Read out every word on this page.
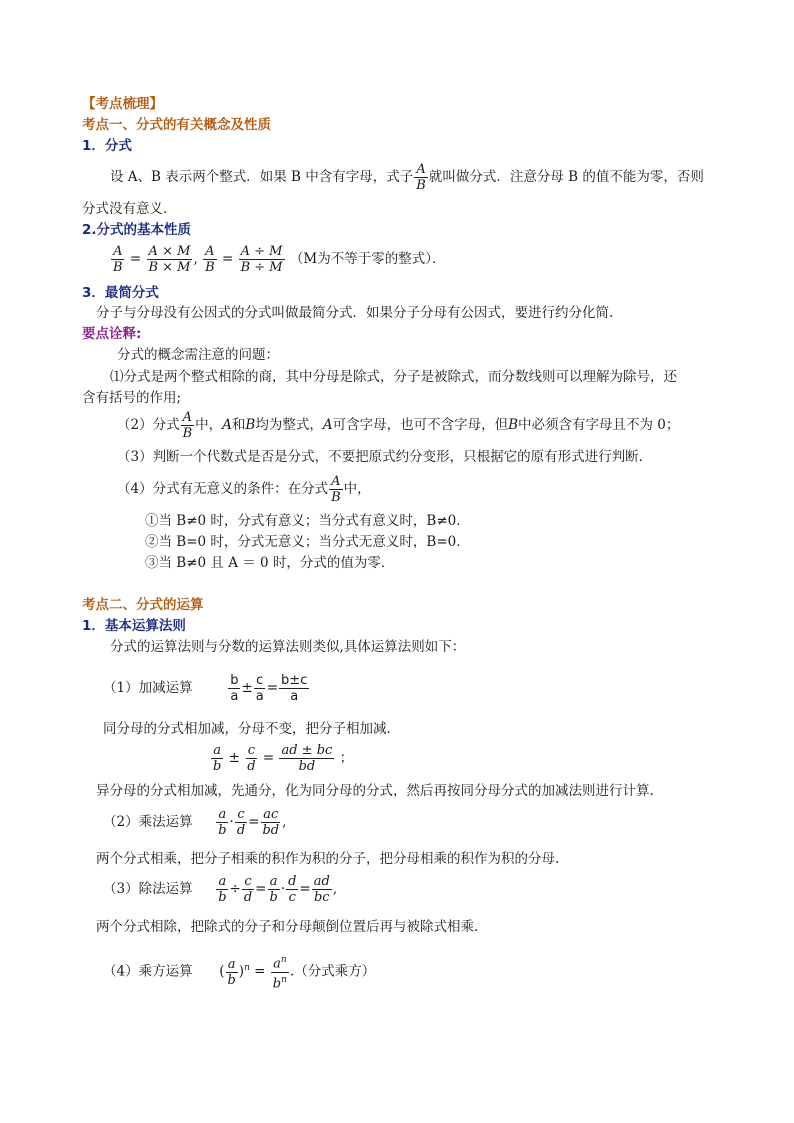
【考点梳理】
考点一、分式的有关概念及性质
1．分式
设 A、B 表示两个整式．如果 B 中含有字母，式子 $\frac{A}{B}$ 就叫做分式．注意分母 B 的值不能为零，否则
分式没有意义．
2.分式的基本性质
$\frac{A}{B} = \frac{A \times M}{B \times M}$ , $\frac{A}{B} = \frac{A \div M}{B \div M} (M$为不等于零的整式）．
3．最简分式
分子与分母没有公因式的分式叫做最简分式．如果分子分母有公因式，要进行约分化简.
要点诠释:
分式的概念需注意的问题：
⑴分式是两个整式相除的商，其中分母是除式，分子是被除式，而分数线则可以理解为除号，还
含有括号的作用;
（2）分式 $\frac{A}{B}$ 中，A和B均为整式，A可含字母，也可不含字母，但B中必须含有字母且不为 0；
（3）判断一个代数式是否是分式，不要把原式约分变形，只根据它的原有形式进行判断．
（4）分式有无意义的条件：在分式 $\frac{A}{B}$ 中，
①当 B≠0 时，分式有意义；当分式有意义时，B≠0．
②当 B=0 时，分式无意义；当分式无意义时，B=0．
③当 B≠0 且 A ＝ 0 时，分式的值为零．
考点二、分式的运算
1．基本运算法则
分式的运算法则与分数的运算法则类似,具体运算法则如下：
（1）加减运算	$\frac{b}{a} \pm \frac{c}{a} = \frac{b\pm c}{a}$
同分母的分式相加减，分母不变，把分子相加减.
$\frac{a}{b} \pm \frac{c}{d} = \frac{ad \pm bc}{bd}$ ；
异分母的分式相加减，先通分，化为同分母的分式，然后再按同分母分式的加减法则进行计算.
（2）乘法运算 $\frac{a}{b} \cdot \frac{c}{d} = \frac{ac}{bd}$ ,
两个分式相乘，把分子相乘的积作为积的分子，把分母相乘的积作为积的分母.
（3）除法运算 $\frac{a}{b} \div \frac{c}{d} = \frac{a}{b} \cdot \frac{d}{c} = \frac{ad}{bc}$ ,
两个分式相除，把除式的分子和分母颠倒位置后再与被除式相乘.
（4）乘方运算 ( $\frac{a}{b} )^n = \frac{a^n}{b^n}$ .（分式乘方）
